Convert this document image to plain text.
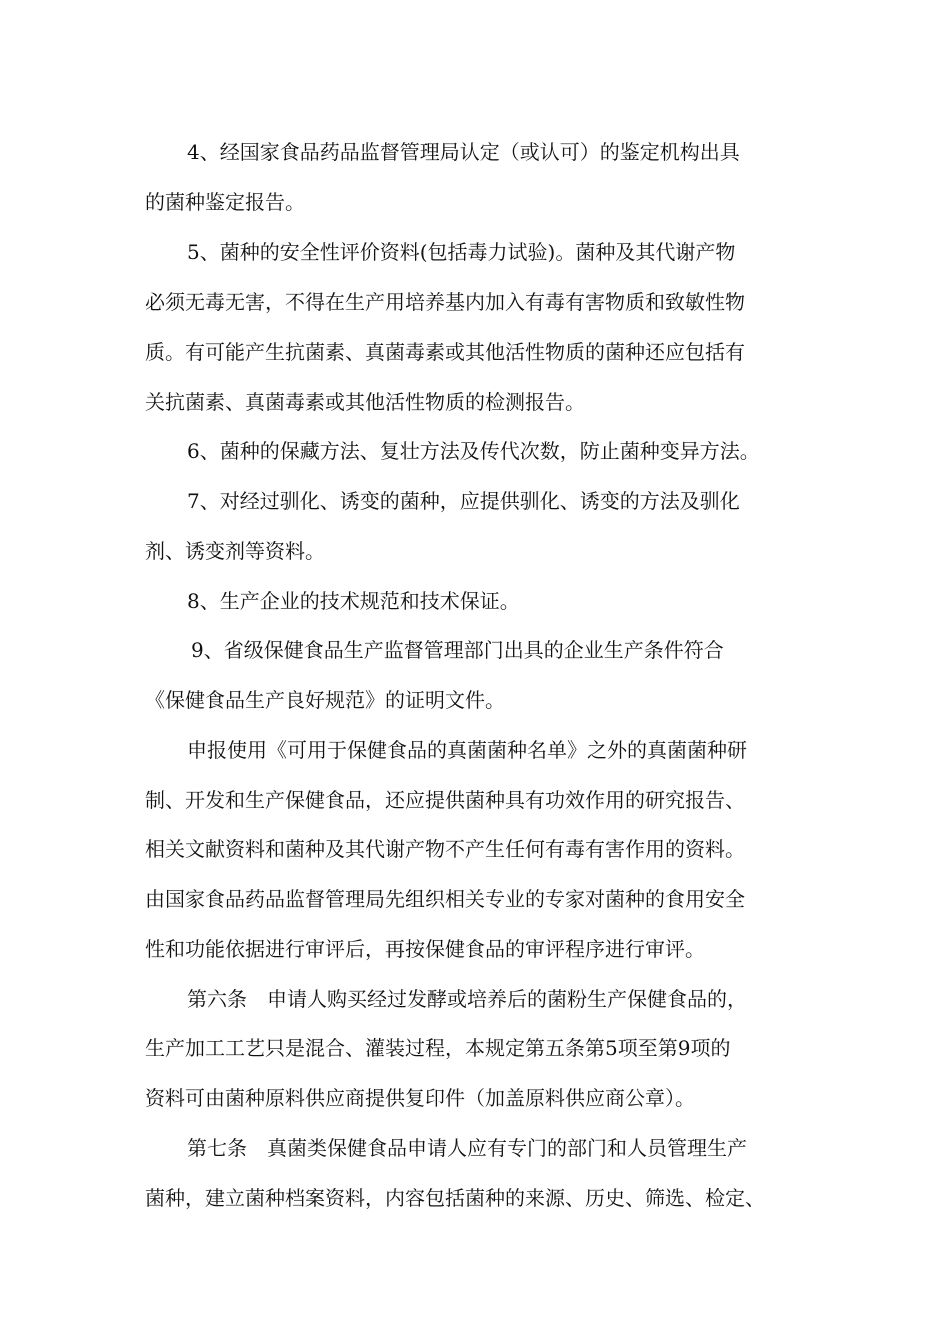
4、经国家食品药品监督管理局认定（或认可）的鉴定机构出具

的菌种鉴定报告。

5、菌种的安全性评价资料(包括毒力试验)。菌种及其代谢产物

必须无毒无害，不得在生产用培养基内加入有毒有害物质和致敏性物

质。有可能产生抗菌素、真菌毒素或其他活性物质的菌种还应包括有

关抗菌素、真菌毒素或其他活性物质的检测报告。

6、菌种的保藏方法、复壮方法及传代次数，防止菌种变异方法。

7、对经过驯化、诱变的菌种，应提供驯化、诱变的方法及驯化

剂、诱变剂等资料。

8、生产企业的技术规范和技术保证。

9、省级保健食品生产监督管理部门出具的企业生产条件符合

《保健食品生产良好规范》的证明文件。

申报使用《可用于保健食品的真菌菌种名单》之外的真菌菌种研

制、开发和生产保健食品，还应提供菌种具有功效作用的研究报告、

相关文献资料和菌种及其代谢产物不产生任何有毒有害作用的资料。

由国家食品药品监督管理局先组织相关专业的专家对菌种的食用安全

性和功能依据进行审评后，再按保健食品的审评程序进行审评。

第六条　申请人购买经过发酵或培养后的菌粉生产保健食品的，

生产加工工艺只是混合、灌装过程，本规定第五条第5项至第9项的

资料可由菌种原料供应商提供复印件（加盖原料供应商公章）。

第七条　真菌类保健食品申请人应有专门的部门和人员管理生产

菌种，建立菌种档案资料，内容包括菌种的来源、历史、筛选、检定、
